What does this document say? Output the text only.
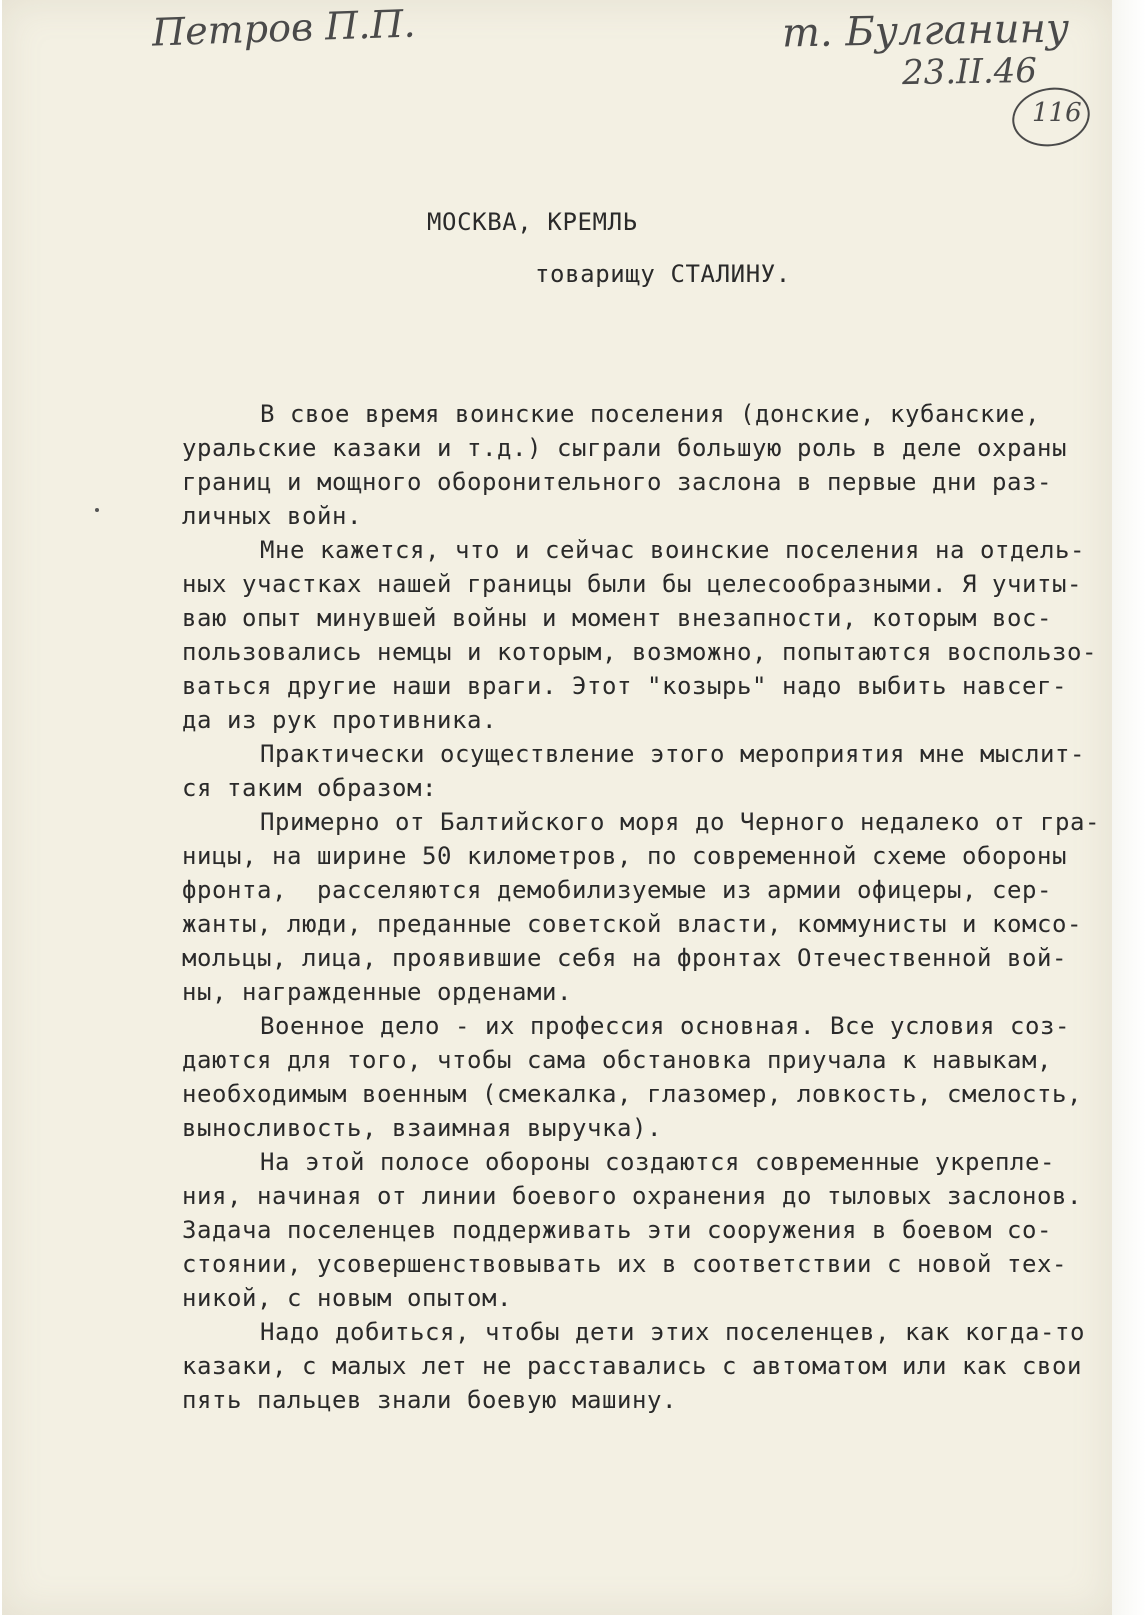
Петров П.П.	т. Булганину
23.II.46
116
МОСКВА, КРЕМЛЬ
товарищу СТАЛИНУ.
В свое время воинские поселения (донские, кубанские,
уральские казаки и т.д.) сыграли большую роль в деле охраны
границ и мощного оборонительного заслона в первые дни раз-
личных войн.
Мне кажется, что и сейчас воинские поселения на отдель-
ных участках нашей границы были бы целесообразными. Я учиты-
ваю опыт минувшей войны и момент внезапности, которым вос-
пользовались немцы и которым, возможно, попытаются воспользо-
ваться другие наши враги. Этот "козырь" надо выбить навсег-
да из рук противника.
Практически осуществление этого мероприятия мне мыслит-
ся таким образом:
Примерно от Балтийского моря до Черного недалеко от гра-
ницы, на ширине 50 километров, по современной схеме обороны
фронта,  расселяются демобилизуемые из армии офицеры, сер-
жанты, люди, преданные советской власти, коммунисты и комсо-
мольцы, лица, проявившие себя на фронтах Отечественной вой-
ны, награжденные орденами.
Военное дело - их профессия основная. Все условия соз-
даются для того, чтобы сама обстановка приучала к навыкам,
необходимым военным (смекалка, глазомер, ловкость, смелость,
выносливость, взаимная выручка).
На этой полосе обороны создаются современные укрепле-
ния, начиная от линии боевого охранения до тыловых заслонов.
Задача поселенцев поддерживать эти сооружения в боевом со-
стоянии, усовершенствовывать их в соответствии с новой тех-
никой, с новым опытом.
Надо добиться, чтобы дети этих поселенцев, как когда-то
казаки, с малых лет не расставались с автоматом или как свои
пять пальцев знали боевую машину.
